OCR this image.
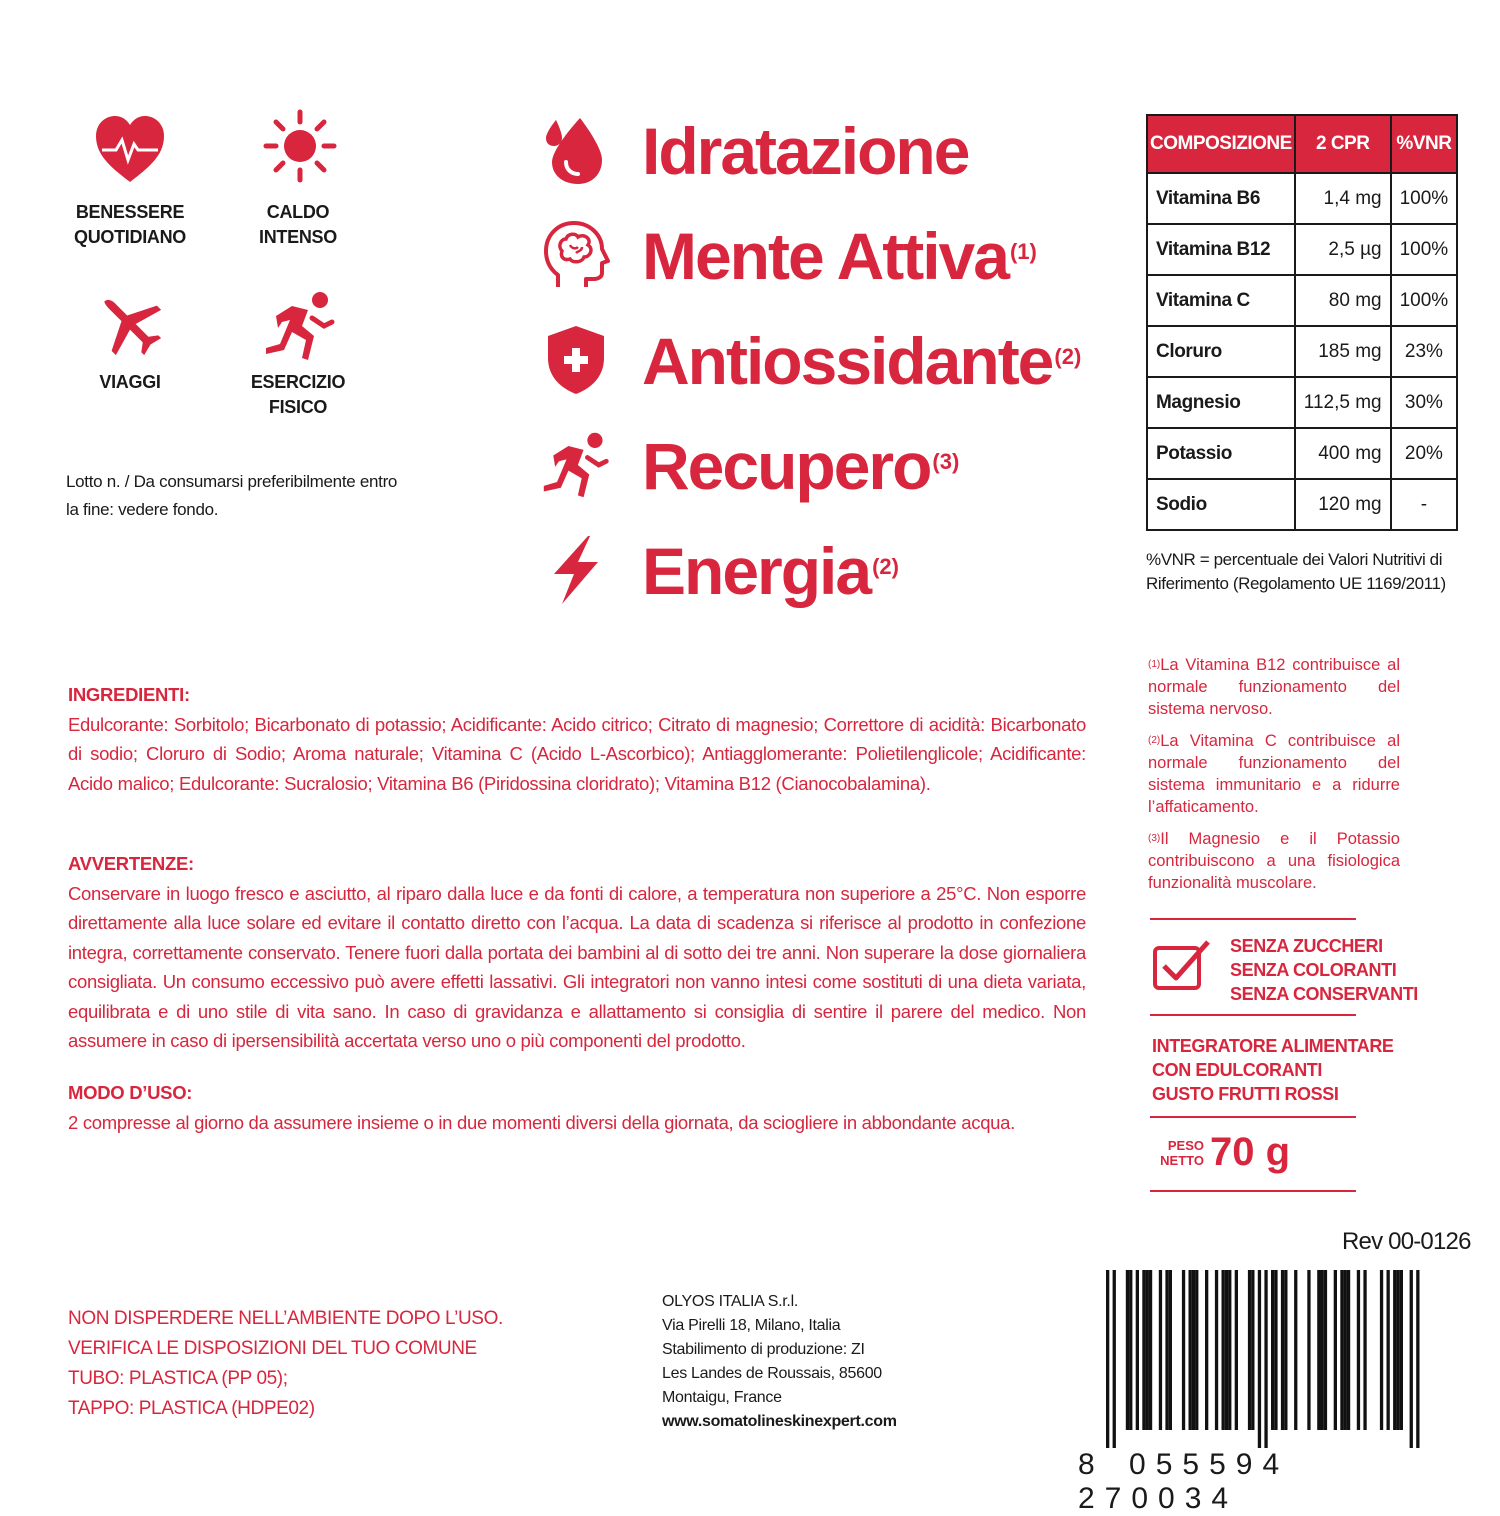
BENESSERE
QUOTIDIANO
CALDO
INTENSO
VIAGGI	ESERCIZIO
FISICO
Lotto n. / Da consumarsi preferibilmente entro la fine: vedere fondo.
Idratazione
Mente Attiva$^{(1)}$
Antiossidante$^{(2)}$
Recupero$^{(3)}$
Energia$^{(2)}$
COMPOSIZIONE	2 CPR	%VNR
Vitamina B6	1,4 mg	100%
Vitamina B12	2,5 µg	100%
Vitamina C	80 mg	100%
Cloruro	185 mg	23%
Magnesio	112,5 mg	30%
Potassio	400 mg	20%
Sodio	120 mg	-
%VNR = percentuale dei Valori Nutritivi di Riferimento (Regolamento UE 1169/2011)

$^{(1)}$La Vitamina B12 contribuisce al normale funzionamento del sistema nervoso.

$^{(2)}$La Vitamina C contribuisce al normale funzionamento del sistema immunitario e a ridurre l’affaticamento.

$^{(3)}$Il Magnesio e il Potassio contribuiscono a una fisiologica funzionalità muscolare.

SENZA ZUCCHERI
SENZA COLORANTI
SENZA CONSERVANTI
INTEGRATORE ALIMENTARE
CON EDULCORANTI
GUSTO FRUTTI ROSSI
PESO
NETTO 70 g
INGREDIENTI:
Edulcorante: Sorbitolo; Bicarbonato di potassio; Acidificante: Acido citrico; Citrato di magnesio; Correttore di acidità: Bicarbonato di sodio; Cloruro di Sodio; Aroma naturale; Vitamina C (Acido L-Ascorbico); Antiagglomerante: Polietilenglicole; Acidificante: Acido malico; Edulcorante: Sucralosio; Vitamina B6 (Piridossina cloridrato); Vitamina B12 (Cianocobalamina).
AVVERTENZE:
Conservare in luogo fresco e asciutto, al riparo dalla luce e da fonti di calore, a temperatura non superiore a 25°C. Non esporre direttamente alla luce solare ed evitare il contatto diretto con l’acqua. La data di scadenza si riferisce al prodotto in confezione integra, correttamente conservato. Tenere fuori dalla portata dei bambini al di sotto dei tre anni. Non superare la dose giornaliera consigliata. Un consumo eccessivo può avere effetti lassativi. Gli integratori non vanno intesi come sostituti di una dieta variata, equilibrata e di uno stile di vita sano. In caso di gravidanza e allattamento si consiglia di sentire il parere del medico. Non assumere in caso di ipersensibilità accertata verso uno o più componenti del prodotto.
MODO D’USO:
2 compresse al giorno da assumere insieme o in due momenti diversi della giornata, da sciogliere in abbondante acqua.
NON DISPERDERE NELL’AMBIENTE DOPO L’USO.
VERIFICA LE DISPOSIZIONI DEL TUO COMUNE
TUBO: PLASTICA (PP 05);
TAPPO: PLASTICA (HDPE02)
OLYOS ITALIA S.r.l.
Via Pirelli 18, Milano, Italia
Stabilimento di produzione: ZI
Les Landes de Roussais, 85600
Montaigu, France
www.somatolineskinexpert.com
Rev 00-0126
8 055594 270034
